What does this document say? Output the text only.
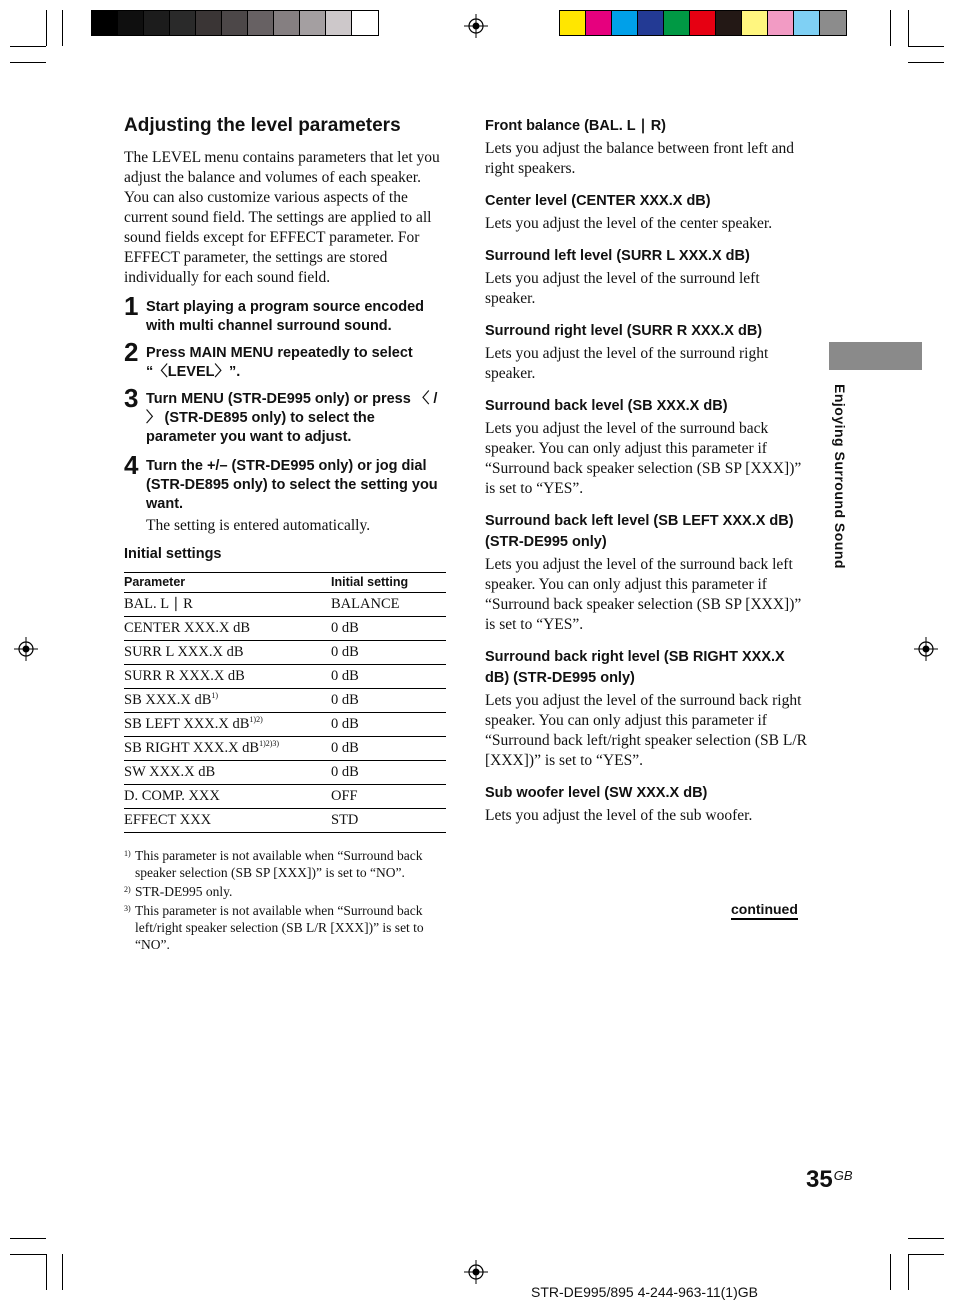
Adjusting the level parameters

The LEVEL menu contains parameters that let you adjust the balance and volumes of each speaker. You can also customize various aspects of the current sound field. The settings are applied to all sound fields except for EFFECT parameter. For EFFECT parameter, the settings are stored individually for each sound field.

1 Start playing a program source encoded with multi channel surround sound.
2 Press MAIN MENU repeatedly to select “〈LEVEL〉”.
3 Turn MENU (STR-DE995 only) or press 〈 / 〉 (STR-DE895 only) to select the parameter you want to adjust.
4 Turn the +/– (STR-DE995 only) or jog dial (STR-DE895 only) to select the setting you want.
The setting is entered automatically.
Initial settings
Parameter	Initial setting
BAL. L ∣ R	BALANCE
CENTER XXX.X dB	0 dB
SURR L XXX.X dB	0 dB
SURR R XXX.X dB	0 dB
SB XXX.X $dB^{1)}$	0 dB
SB LEFT XXX.X $dB^{1)2)}$	0 dB
SB RIGHT XXX.X $dB^{1)2)3)}$	0 dB
SW XXX.X dB	0 dB
D. COMP. XXX	OFF
EFFECT XXX	STD
1) This parameter is not available when “Surround back speaker selection (SB SP [XXX])” is set to “NO”.
2) STR-DE995 only.
3) This parameter is not available when “Surround back left/right speaker selection (SB L/R [XXX])” is set to “NO”.
Front balance (BAL. L ∣ R)

Lets you adjust the balance between front left and right speakers.

Center level (CENTER XXX.X dB)

Lets you adjust the level of the center speaker.

Surround left level (SURR L XXX.X dB)

Lets you adjust the level of the surround left speaker.

Surround right level (SURR R XXX.X dB)

Lets you adjust the level of the surround right speaker.

Surround back level (SB XXX.X dB)

Lets you adjust the level of the surround back speaker. You can only adjust this parameter if “Surround back speaker selection (SB SP [XXX])” is set to “YES”.

Surround back left level (SB LEFT XXX.X dB) (STR-DE995 only)

Lets you adjust the level of the surround back left speaker. You can only adjust this parameter if “Surround back speaker selection (SB SP [XXX])” is set to “YES”.

Surround back right level (SB RIGHT XXX.X dB) (STR-DE995 only)

Lets you adjust the level of the surround back right speaker. You can only adjust this parameter if “Surround back left/right speaker selection (SB L/R [XXX])” is set to “YES”.

Sub woofer level (SW XXX.X dB)

Lets you adjust the level of the sub woofer.

continued
Enjoying Surround Sound
$35^{GB}$
STR-DE995/895 4-244-963-11(1)GB
